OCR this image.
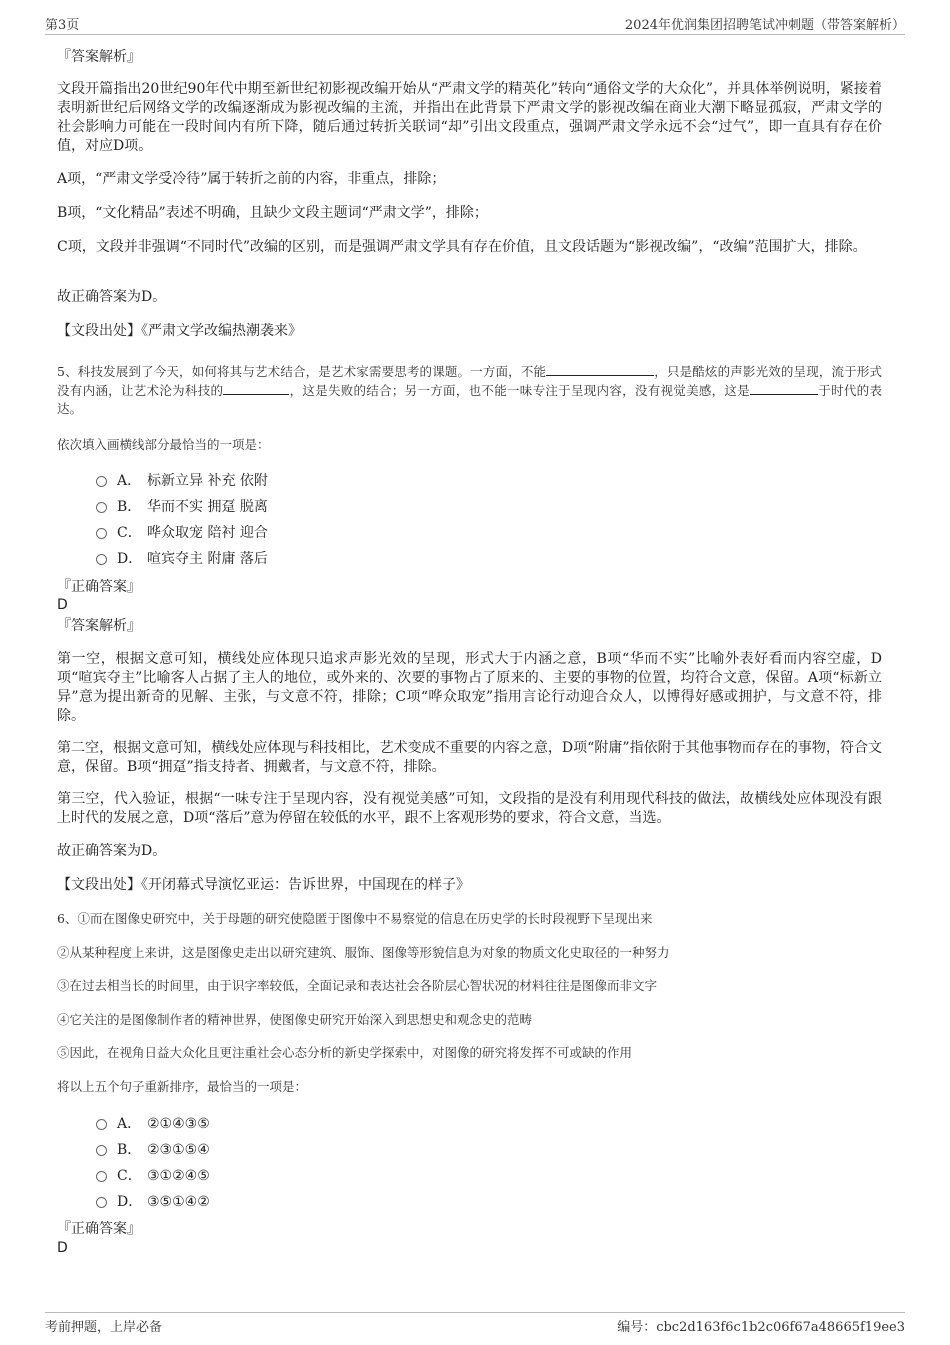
第3页	2024年优润集团招聘笔试冲刺题（带答案解析）
『答案解析』

文段开篇指出20世纪90年代中期至新世纪初影视改编开始从“严肃文学的精英化”转向“通俗文学的大众化”，并具体举例说明，紧接着表明新世纪后网络文学的改编逐渐成为影视改编的主流，并指出在此背景下严肃文学的影视改编在商业大潮下略显孤寂，严肃文学的社会影响力可能在一段时间内有所下降，随后通过转折关联词“却”引出文段重点，强调严肃文学永远不会“过气”，即一直具有存在价值，对应D项。

A项，“严肃文学受冷待”属于转折之前的内容，非重点，排除；

B项，“文化精品”表述不明确，且缺少文段主题词“严肃文学”，排除；

C项，文段并非强调“不同时代”改编的区别，而是强调严肃文学具有存在价值，且文段话题为“影视改编”，“改编”范围扩大，排除。

故正确答案为D。

【文段出处】《严肃文学改编热潮袭来》

5、科技发展到了今天，如何将其与艺术结合，是艺术家需要思考的课题。一方面，不能	，只是酷炫的声影光效的呈现，流于形式没有内涵，让艺术沦为科技的	，这是失败的结合；另一方面，也不能一味专注于呈现内容，没有视觉美感，这是	于时代的表达。

依次填入画横线部分最恰当的一项是：

A． 标新立异 补充 依附
B． 华而不实 拥趸 脱离
C． 哗众取宠 陪衬 迎合
D． 喧宾夺主 附庸 落后
『正确答案』
D
『答案解析』

第一空，根据文意可知，横线处应体现只追求声影光效的呈现，形式大于内涵之意，B项“华而不实”比喻外表好看而内容空虚，D项“喧宾夺主”比喻客人占据了主人的地位，或外来的、次要的事物占了原来的、主要的事物的位置，均符合文意，保留。A项“标新立异”意为提出新奇的见解、主张，与文意不符，排除；C项“哗众取宠”指用言论行动迎合众人，以博得好感或拥护，与文意不符，排除。

第二空，根据文意可知，横线处应体现与科技相比，艺术变成不重要的内容之意，D项“附庸”指依附于其他事物而存在的事物，符合文意，保留。B项“拥趸”指支持者、拥戴者，与文意不符，排除。

第三空，代入验证，根据“一味专注于呈现内容，没有视觉美感”可知，文段指的是没有利用现代科技的做法，故横线处应体现没有跟上时代的发展之意，D项“落后”意为停留在较低的水平，跟不上客观形势的要求，符合文意，当选。

故正确答案为D。

【文段出处】《开闭幕式导演忆亚运：告诉世界，中国现在的样子》

6、①而在图像史研究中，关于母题的研究使隐匿于图像中不易察觉的信息在历史学的长时段视野下呈现出来

②从某种程度上来讲，这是图像史走出以研究建筑、服饰、图像等形貌信息为对象的物质文化史取径的一种努力

③在过去相当长的时间里，由于识字率较低，全面记录和表达社会各阶层心智状况的材料往往是图像而非文字

④它关注的是图像制作者的精神世界，使图像史研究开始深入到思想史和观念史的范畴

⑤因此，在视角日益大众化且更注重社会心态分析的新史学探索中，对图像的研究将发挥不可或缺的作用

将以上五个句子重新排序，最恰当的一项是：

A． ②①④③⑤
B． ②③①⑤④
C． ③①②④⑤
D． ③⑤①④②
『正确答案』
D
考前押题，上岸必备	编号：cbc2d163f6c1b2c06f67a48665f19ee3
